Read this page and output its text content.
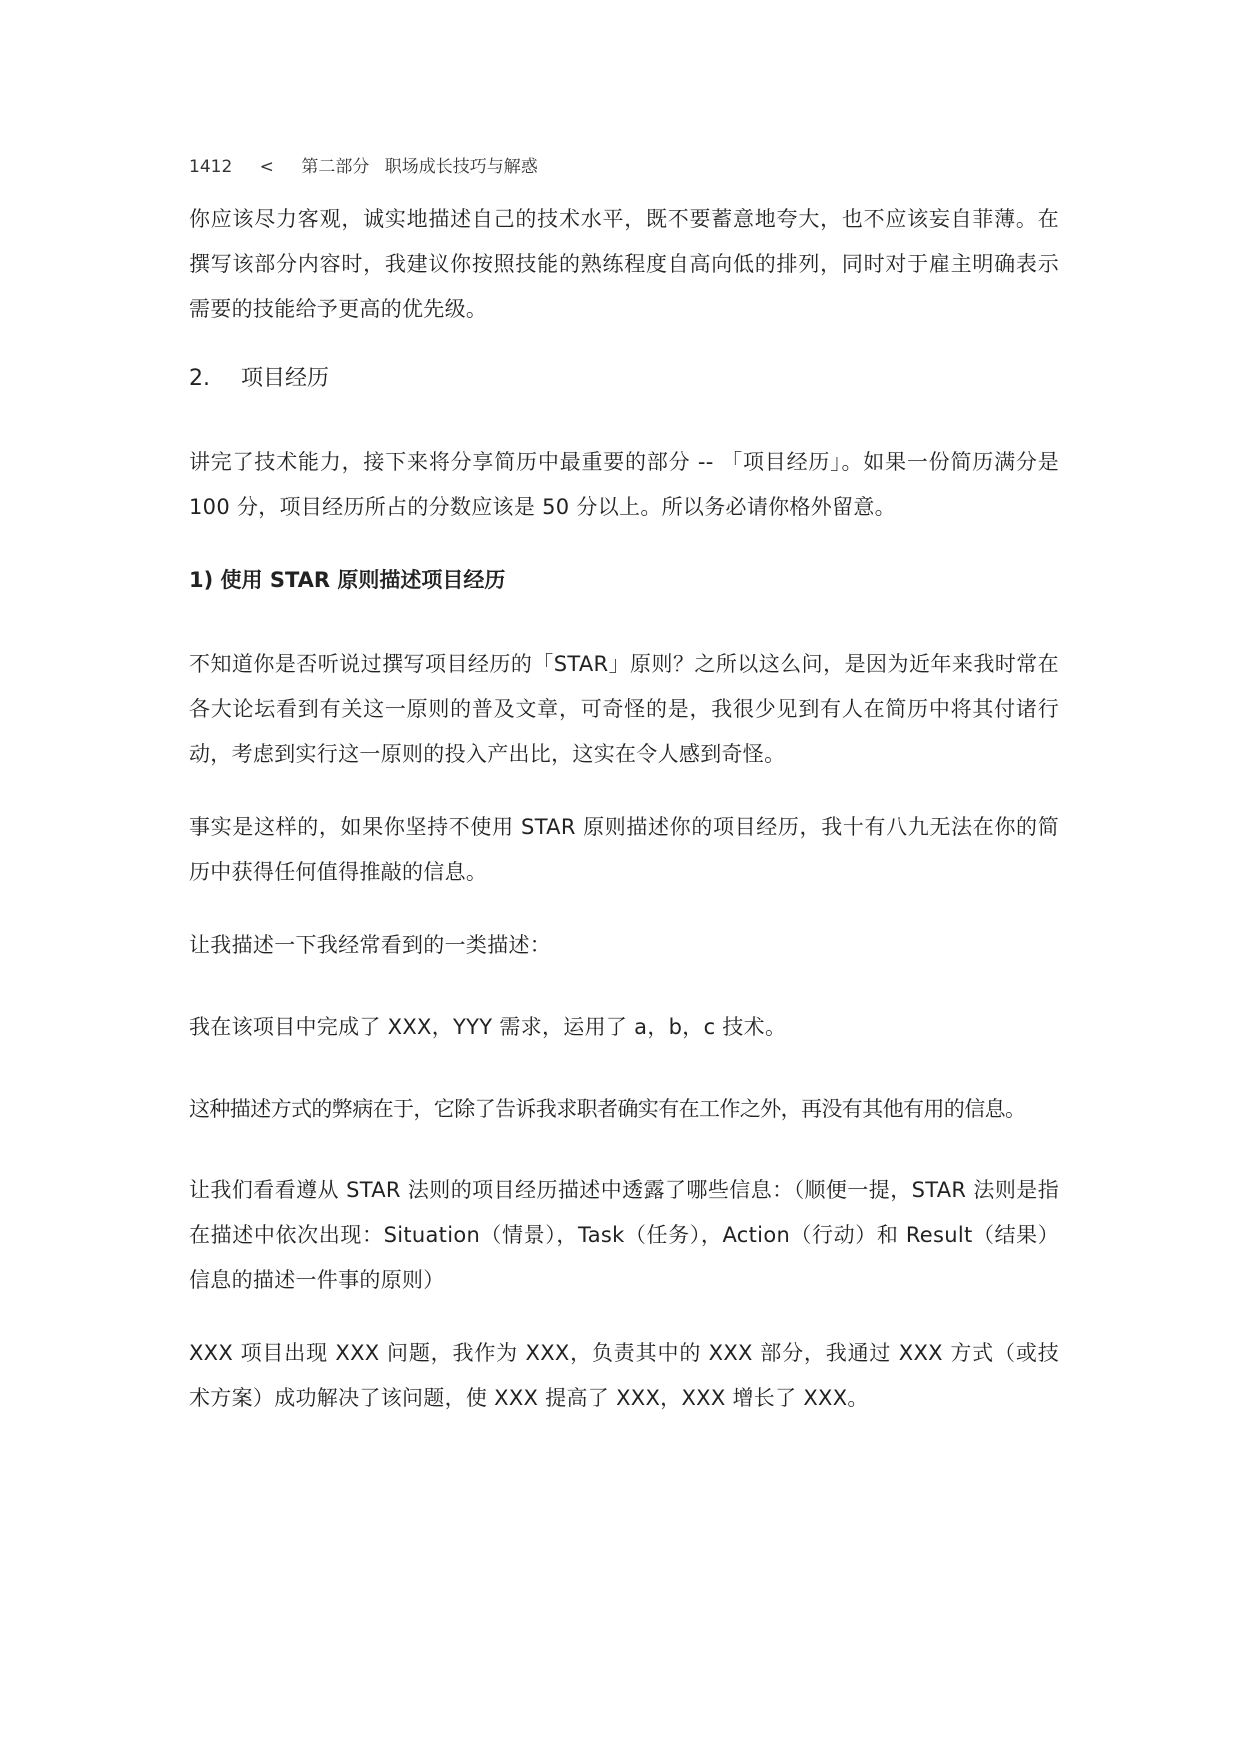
1412 < 第二部分 职场成长技巧与解惑

你应该尽力客观，诚实地描述自己的技术水平，既不要蓄意地夸大，也不应该妄自菲薄。在撰写该部分内容时，我建议你按照技能的熟练程度自高向低的排列，同时对于雇主明确表示需要的技能给予更高的优先级。

2. 项目经历

讲完了技术能力，接下来将分享简历中最重要的部分 -- 「项目经历」。如果一份简历满分是 100 分，项目经历所占的分数应该是 50 分以上。所以务必请你格外留意。

1) 使用 STAR 原则描述项目经历

不知道你是否听说过撰写项目经历的「STAR」原则？之所以这么问，是因为近年来我时常在各大论坛看到有关这一原则的普及文章，可奇怪的是，我很少见到有人在简历中将其付诸行动，考虑到实行这一原则的投入产出比，这实在令人感到奇怪。

事实是这样的，如果你坚持不使用 STAR 原则描述你的项目经历，我十有八九无法在你的简历中获得任何值得推敲的信息。

让我描述一下我经常看到的一类描述：

我在该项目中完成了 XXX，YYY 需求，运用了 a，b，c 技术。

这种描述方式的弊病在于，它除了告诉我求职者确实有在工作之外，再没有其他有用的信息。

让我们看看遵从 STAR 法则的项目经历描述中透露了哪些信息：（顺便一提，STAR 法则是指在描述中依次出现：Situation（情景），Task（任务），Action（行动）和 Result（结果）信息的描述一件事的原则）

XXX 项目出现 XXX 问题，我作为 XXX，负责其中的 XXX 部分，我通过 XXX 方式（或技术方案）成功解决了该问题，使 XXX 提高了 XXX，XXX 增长了 XXX。
